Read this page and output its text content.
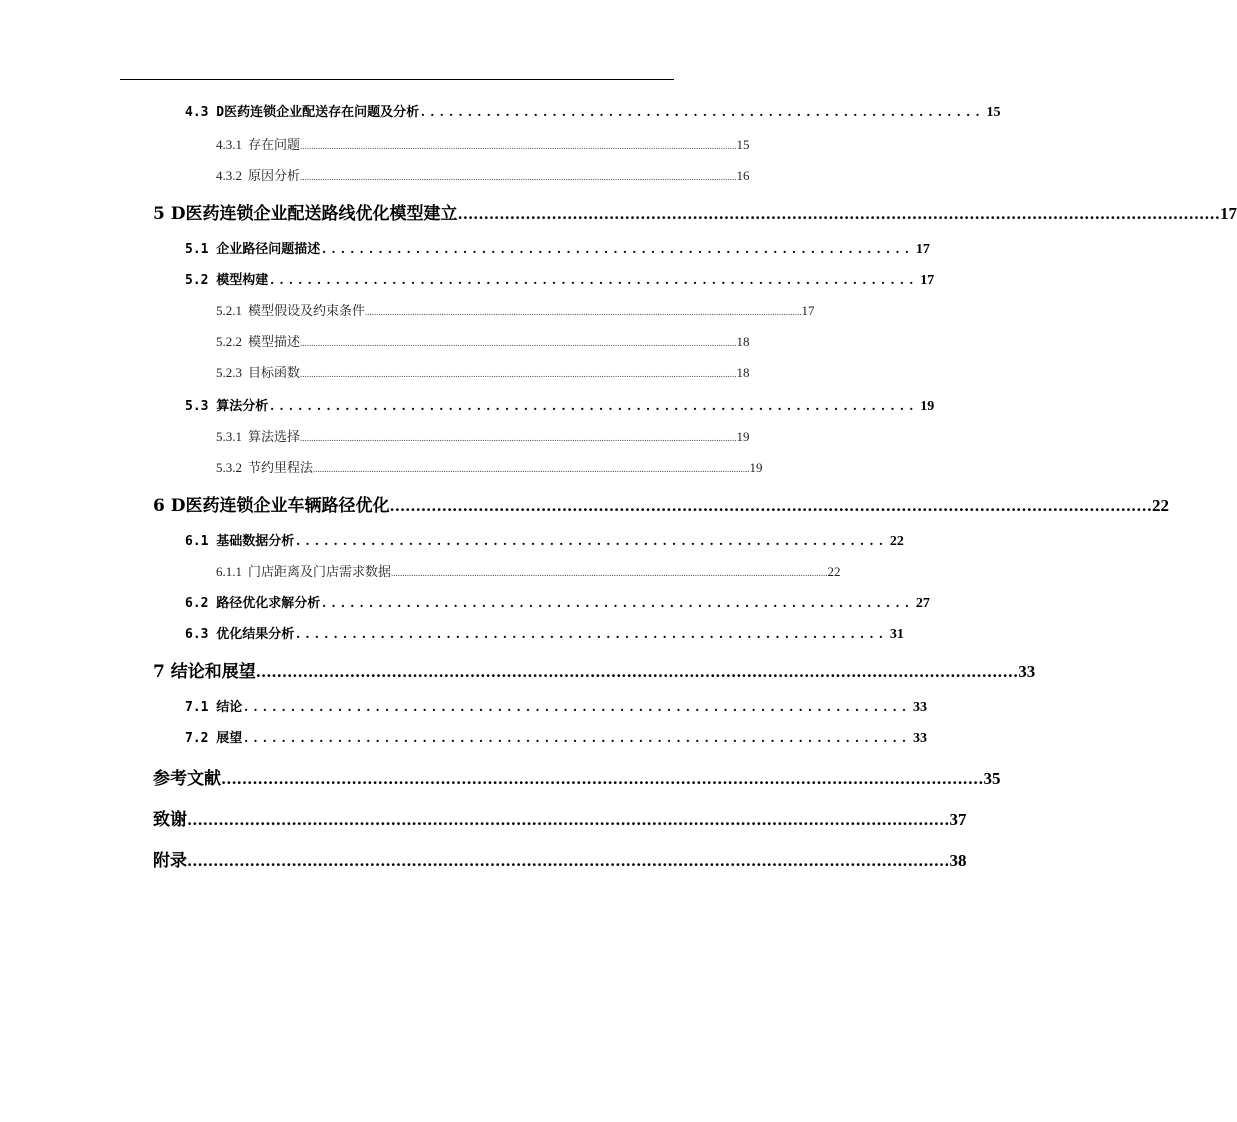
4.3 D医药连锁企业配送存在问题及分析 . . . . . . . . . . . . . . . . . . . . . . . . . . . . . . . . . . . . . . . . . . . . . . . . . . . . . . . . . . . . 15
4.3.1 存在问题 .................................................................................................................................................................................................. 15
4.3.2 原因分析 .................................................................................................................................................................................................. 16
5 D医药连锁企业配送路线优化模型建立 .................................................................................................................................................. 17
5.1 企业路径问题描述 . . . . . . . . . . . . . . . . . . . . . . . . . . . . . . . . . . . . . . . . . . . . . . . . . . . . . . . . . . . . . . . 17
5.2 模型构建 . . . . . . . . . . . . . . . . . . . . . . . . . . . . . . . . . . . . . . . . . . . . . . . . . . . . . . . . . . . . . . . . . . . . . 17
5.2.1 模型假设及约束条件 .................................................................................................................................................................................................. 17
5.2.2 模型描述 .................................................................................................................................................................................................. 18
5.2.3 目标函数 .................................................................................................................................................................................................. 18
5.3 算法分析 . . . . . . . . . . . . . . . . . . . . . . . . . . . . . . . . . . . . . . . . . . . . . . . . . . . . . . . . . . . . . . . . . . . . . 19
5.3.1 算法选择 .................................................................................................................................................................................................. 19
5.3.2 节约里程法 .................................................................................................................................................................................................. 19
6 D医药连锁企业车辆路径优化 .................................................................................................................................................. 22
6.1 基础数据分析 . . . . . . . . . . . . . . . . . . . . . . . . . . . . . . . . . . . . . . . . . . . . . . . . . . . . . . . . . . . . . . . 22
6.1.1 门店距离及门店需求数据 .................................................................................................................................................................................................. 22
6.2 路径优化求解分析 . . . . . . . . . . . . . . . . . . . . . . . . . . . . . . . . . . . . . . . . . . . . . . . . . . . . . . . . . . . . . . . 27
6.3 优化结果分析 . . . . . . . . . . . . . . . . . . . . . . . . . . . . . . . . . . . . . . . . . . . . . . . . . . . . . . . . . . . . . . . 31
7 结论和展望 .................................................................................................................................................. 33
7.1 结论 . . . . . . . . . . . . . . . . . . . . . . . . . . . . . . . . . . . . . . . . . . . . . . . . . . . . . . . . . . . . . . . . . . . . . . . 33
7.2 展望 . . . . . . . . . . . . . . . . . . . . . . . . . . . . . . . . . . . . . . . . . . . . . . . . . . . . . . . . . . . . . . . . . . . . . . . 33
参考文献 .................................................................................................................................................. 35
致谢 .................................................................................................................................................. 37
附录 .................................................................................................................................................. 38
